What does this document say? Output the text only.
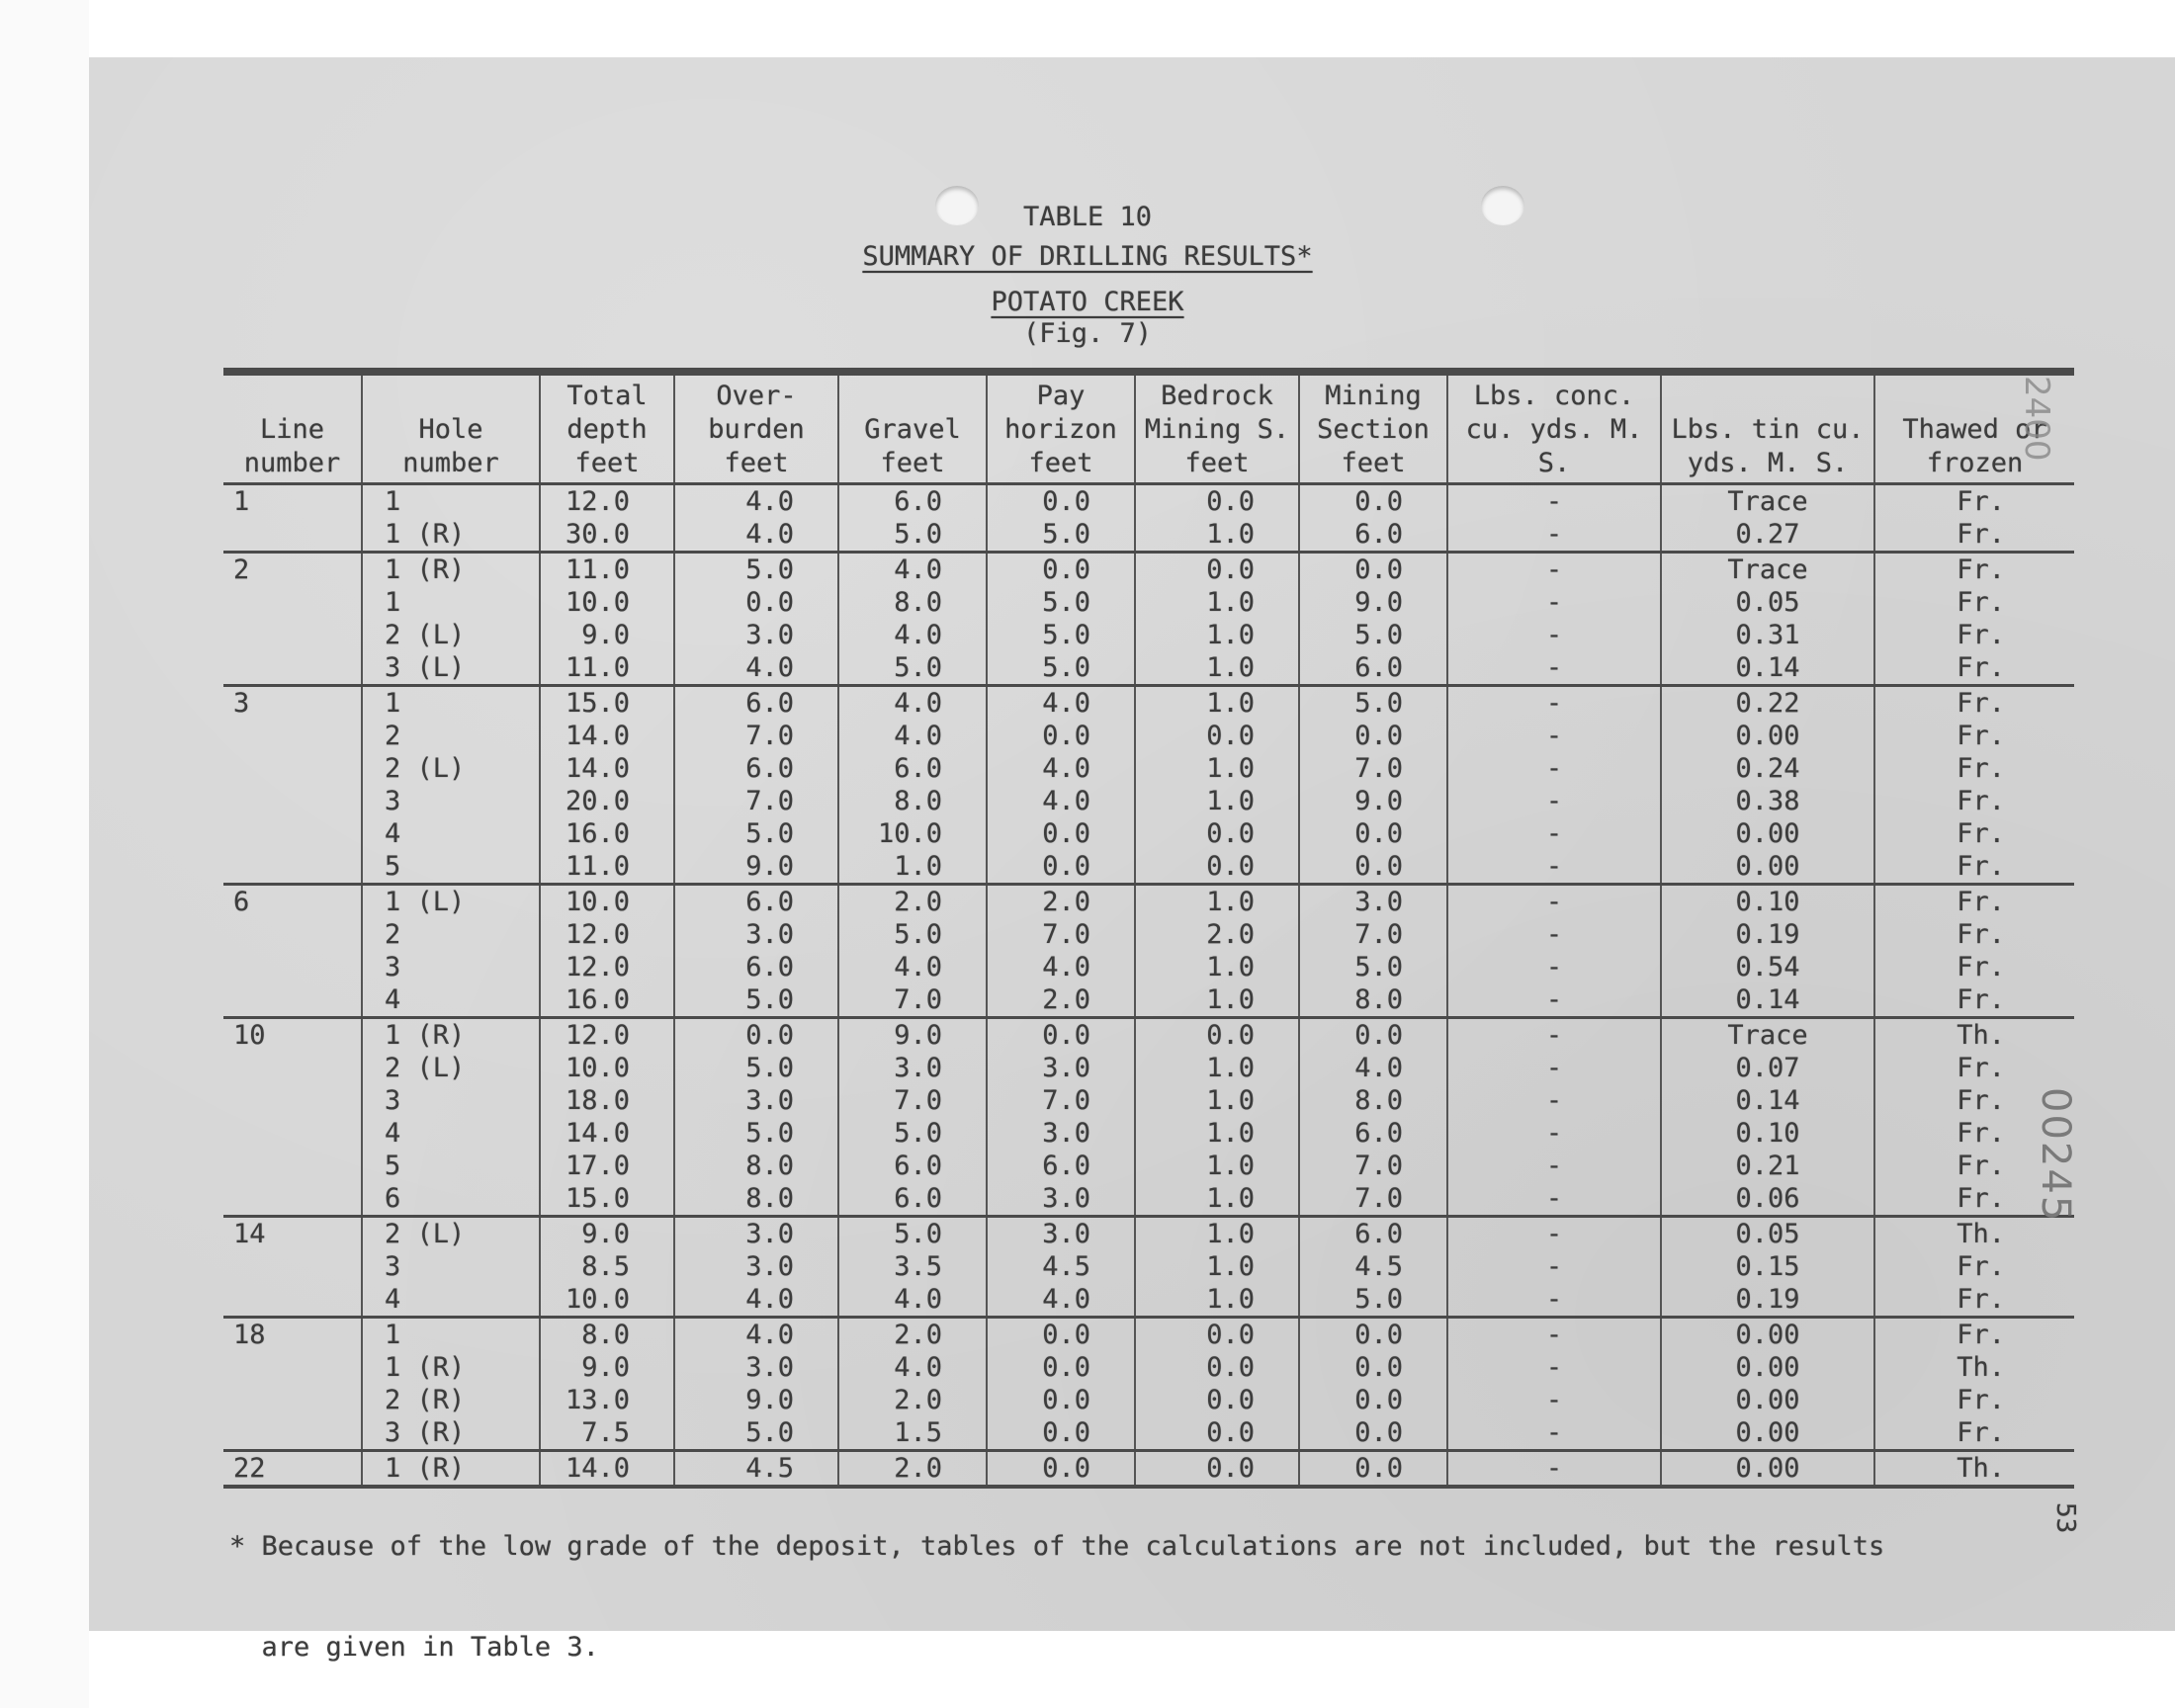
TABLE 10
SUMMARY OF DRILLING RESULTS*
POTATO CREEK
(Fig. 7)

Line number	Hole number	Total depth feet	Over- burden feet	Gravel feet	Pay horizon feet	Bedrock Mining S. feet	Mining Section feet	Lbs. conc. cu. yds. M. S.	Lbs. tin cu. yds. M. S.	Thawed or frozen
1	1	12.0	4.0	6.0	0.0	0.0	0.0	-	Trace	Fr.
	1 (R)	30.0	4.0	5.0	5.0	1.0	6.0	-	0.27	Fr.
2	1 (R)	11.0	5.0	4.0	0.0	0.0	0.0	-	Trace	Fr.
	1	10.0	0.0	8.0	5.0	1.0	9.0	-	0.05	Fr.
	2 (L)	9.0	3.0	4.0	5.0	1.0	5.0	-	0.31	Fr.
	3 (L)	11.0	4.0	5.0	5.0	1.0	6.0	-	0.14	Fr.
3	1	15.0	6.0	4.0	4.0	1.0	5.0	-	0.22	Fr.
	2	14.0	7.0	4.0	0.0	0.0	0.0	-	0.00	Fr.
	2 (L)	14.0	6.0	6.0	4.0	1.0	7.0	-	0.24	Fr.
	3	20.0	7.0	8.0	4.0	1.0	9.0	-	0.38	Fr.
	4	16.0	5.0	10.0	0.0	0.0	0.0	-	0.00	Fr.
	5	11.0	9.0	1.0	0.0	0.0	0.0	-	0.00	Fr.
6	1 (L)	10.0	6.0	2.0	2.0	1.0	3.0	-	0.10	Fr.
	2	12.0	3.0	5.0	7.0	2.0	7.0	-	0.19	Fr.
	3	12.0	6.0	4.0	4.0	1.0	5.0	-	0.54	Fr.
	4	16.0	5.0	7.0	2.0	1.0	8.0	-	0.14	Fr.
10	1 (R)	12.0	0.0	9.0	0.0	0.0	0.0	-	Trace	Th.
	2 (L)	10.0	5.0	3.0	3.0	1.0	4.0	-	0.07	Fr.
	3	18.0	3.0	7.0	7.0	1.0	8.0	-	0.14	Fr.
	4	14.0	5.0	5.0	3.0	1.0	6.0	-	0.10	Fr.
	5	17.0	8.0	6.0	6.0	1.0	7.0	-	0.21	Fr.
	6	15.0	8.0	6.0	3.0	1.0	7.0	-	0.06	Fr.
14	2 (L)	9.0	3.0	5.0	3.0	1.0	6.0	-	0.05	Th.
	3	8.5	3.0	3.5	4.5	1.0	4.5	-	0.15	Fr.
	4	10.0	4.0	4.0	4.0	1.0	5.0	-	0.19	Fr.
18	1	8.0	4.0	2.0	0.0	0.0	0.0	-	0.00	Fr.
	1 (R)	9.0	3.0	4.0	0.0	0.0	0.0	-	0.00	Th.
	2 (R)	13.0	9.0	2.0	0.0	0.0	0.0	-	0.00	Fr.
	3 (R)	7.5	5.0	1.5	0.0	0.0	0.0	-	0.00	Fr.
22	1 (R)	14.0	4.5	2.0	0.0	0.0	0.0	-	0.00	Th.

* Because of the low grade of the deposit, tables of the calculations are not included, but the results

are given in Table 3.

53
00245
2400
